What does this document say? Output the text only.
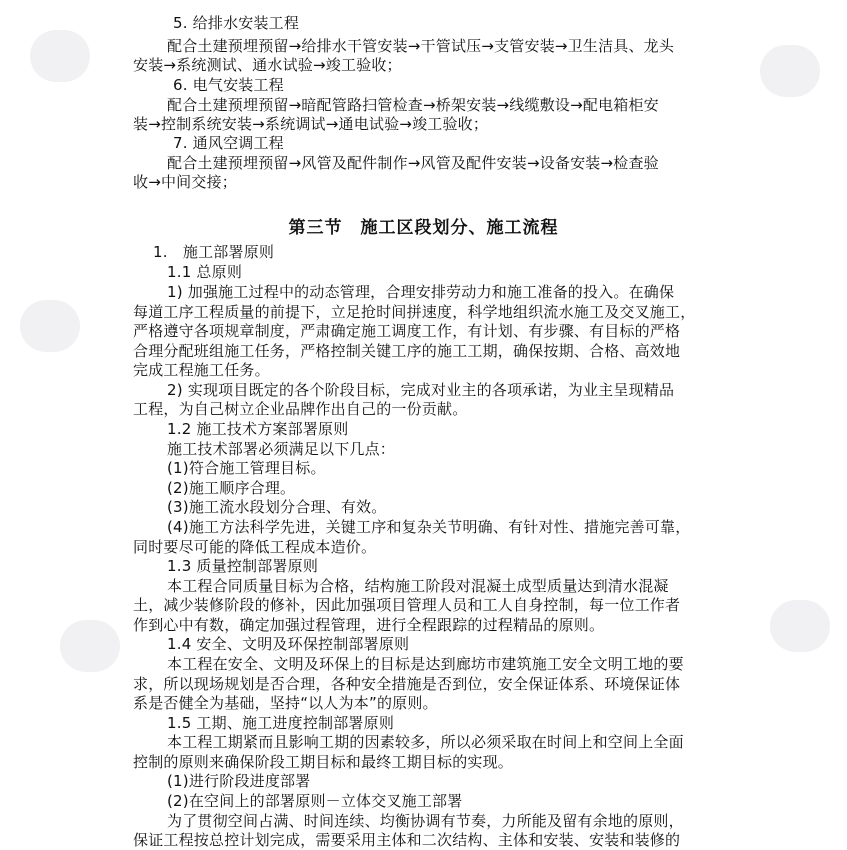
第三节　施工区段划分、施工流程
5. 给排水安装工程
配合土建预埋预留→给排水干管安装→干管试压→支管安装→卫生洁具、龙头
安装→系统测试、通水试验→竣工验收；
6. 电气安装工程
配合土建预埋预留→暗配管路扫管检查→桥架安装→线缆敷设→配电箱柜安
装→控制系统安装→系统调试→通电试验→竣工验收；
7. 通风空调工程
配合土建预埋预留→风管及配件制作→风管及配件安装→设备安装→检查验
收→中间交接；
1.　施工部署原则
1.1 总原则
1) 加强施工过程中的动态管理，合理安排劳动力和施工准备的投入。在确保
每道工序工程质量的前提下，立足抢时间拼速度，科学地组织流水施工及交叉施工，
严格遵守各项规章制度，严肃确定施工调度工作，有计划、有步骤、有目标的严格
合理分配班组施工任务，严格控制关键工序的施工工期，确保按期、合格、高效地
完成工程施工任务。
2) 实现项目既定的各个阶段目标，完成对业主的各项承诺，为业主呈现精品
工程，为自己树立企业品牌作出自己的一份贡献。
1.2 施工技术方案部署原则
施工技术部署必须满足以下几点：
(1)符合施工管理目标。
(2)施工顺序合理。
(3)施工流水段划分合理、有效。
(4)施工方法科学先进，关键工序和复杂关节明确、有针对性、措施完善可靠，
同时要尽可能的降低工程成本造价。
1.3 质量控制部署原则
本工程合同质量目标为合格，结构施工阶段对混凝土成型质量达到清水混凝
土，减少装修阶段的修补，因此加强项目管理人员和工人自身控制，每一位工作者
作到心中有数，确定加强过程管理，进行全程跟踪的过程精品的原则。
1.4 安全、文明及环保控制部署原则
本工程在安全、文明及环保上的目标是达到廊坊市建筑施工安全文明工地的要
求，所以现场规划是否合理，各种安全措施是否到位，安全保证体系、环境保证体
系是否健全为基础，坚持“以人为本”的原则。
1.5 工期、施工进度控制部署原则
本工程工期紧而且影响工期的因素较多，所以必须采取在时间上和空间上全面
控制的原则来确保阶段工期目标和最终工期目标的实现。
(1)进行阶段进度部署
(2)在空间上的部署原则－立体交叉施工部署
为了贯彻空间占满、时间连续、均衡协调有节奏，力所能及留有余地的原则，
保证工程按总控计划完成，需要采用主体和二次结构、主体和安装、安装和装修的
